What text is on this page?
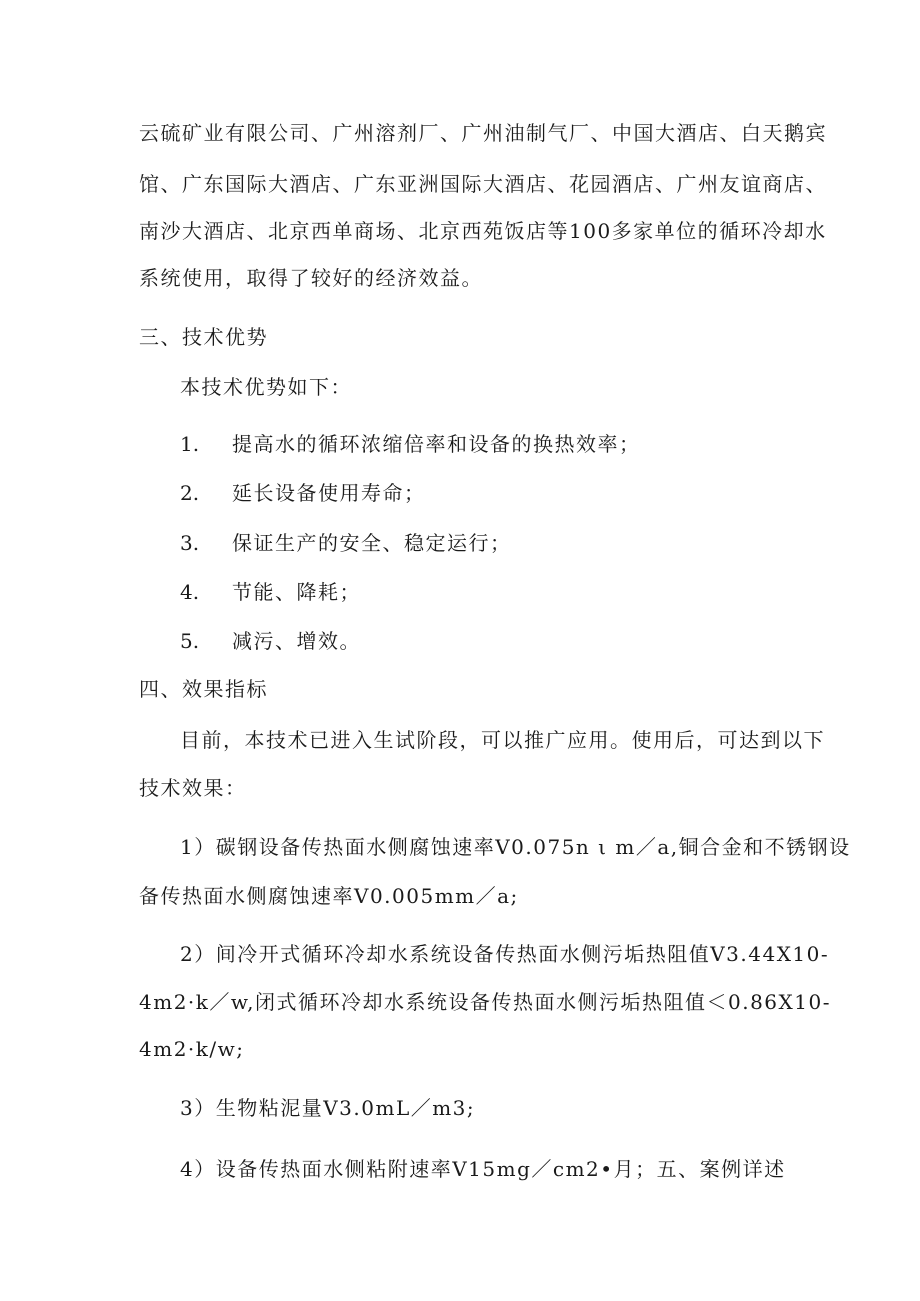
云硫矿业有限公司、广州溶剂厂、广州油制气厂、中国大酒店、白天鹅宾
馆、广东国际大酒店、广东亚洲国际大酒店、花园酒店、广州友谊商店、
南沙大酒店、北京西单商场、北京西苑饭店等100多家单位的循环冷却水
系统使用，取得了较好的经济效益。
三、技术优势
本技术优势如下：
1. 提高水的循环浓缩倍率和设备的换热效率；
2. 延长设备使用寿命；
3. 保证生产的安全、稳定运行；
4. 节能、降耗；
5. 减污、增效。
四、效果指标
目前，本技术已进入生试阶段，可以推广应用。使用后，可达到以下
技术效果：
1）碳钢设备传热面水侧腐蚀速率V0.075n ι m／a,铜合金和不锈钢设
备传热面水侧腐蚀速率V0.005mm／a;
2）间冷开式循环冷却水系统设备传热面水侧污垢热阻值V3.44X10-
4m2·k／w,闭式循环冷却水系统设备传热面水侧污垢热阻值＜0.86X10-
4m2·k/w;
3）生物粘泥量V3.0mL／m3;
4）设备传热面水侧粘附速率V15mg／cm2•月；五、案例详述
